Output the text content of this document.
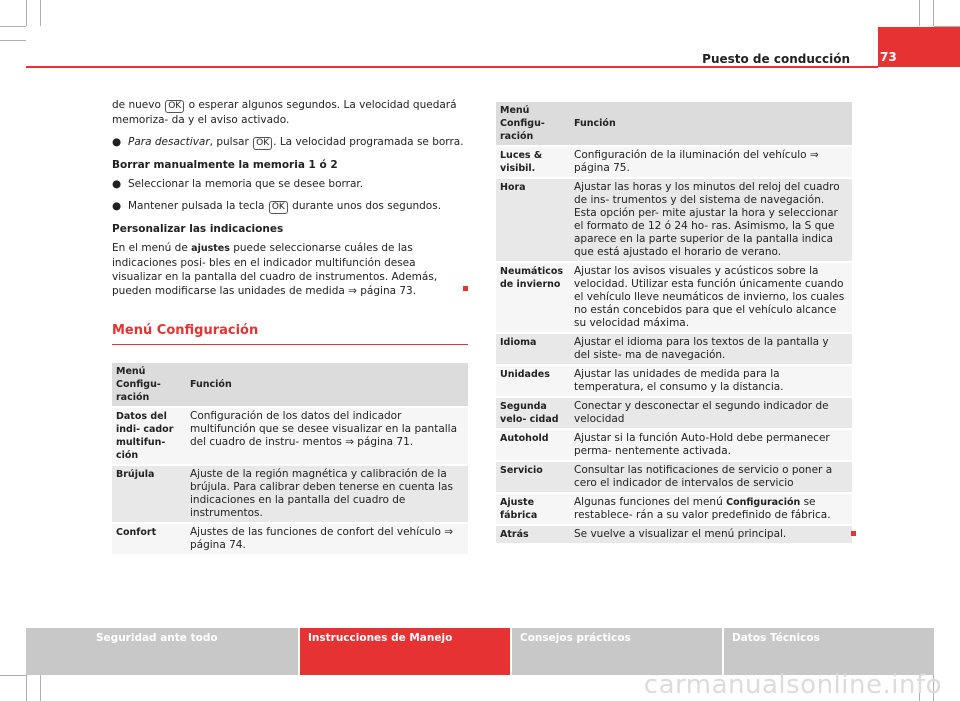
73
Puesto de conducción

de nuevo OK o esperar algunos segundos. La velocidad quedará memoriza- da y el aviso activado.

● Para desactivar, pulsar OK . La velocidad programada se borra.
Borrar manualmente la memoria 1 ó 2
● Seleccionar la memoria que se desee borrar.
● Mantener pulsada la tecla OK durante unos dos segundos.
Personalizar las indicaciones

En el menú de ajustes puede seleccionarse cuáles de las indicaciones posi- bles en el indicador multifunción desea visualizar en la pantalla del cuadro de instrumentos. Además, pueden modificarse las unidades de medida ⇒ página 73.

Menú Configuración
Menú Configu- ración	Función
Datos del indi- cador multifun- ción	Configuración de los datos del indicador multifunción que se desee visualizar en la pantalla del cuadro de instru- mentos ⇒ página 71.
Brújula	Ajuste de la región magnética y calibración de la brújula. Para calibrar deben tenerse en cuenta las indicaciones en la pantalla del cuadro de instrumentos.
Confort	Ajustes de las funciones de confort del vehículo ⇒ página 74.
Menú Configu- ración	Función
Luces & visibil.	Configuración de la iluminación del vehículo ⇒ página 75.
Hora	Ajustar las horas y los minutos del reloj del cuadro de ins- trumentos y del sistema de navegación. Esta opción per- mite ajustar la hora y seleccionar el formato de 12 ó 24 ho- ras. Asimismo, la S que aparece en la parte superior de la pantalla indica que está ajustado el horario de verano.
Neumáticos de invierno	Ajustar los avisos visuales y acústicos sobre la velocidad. Utilizar esta función únicamente cuando el vehículo lleve neumáticos de invierno, los cuales no están concebidos para que el vehículo alcance su velocidad máxima.
Idioma	Ajustar el idioma para los textos de la pantalla y del siste- ma de navegación.
Unidades	Ajustar las unidades de medida para la temperatura, el consumo y la distancia.
Segunda velo- cidad	Conectar y desconectar el segundo indicador de velocidad
Autohold	Ajustar si la función Auto-Hold debe permanecer perma- nentemente activada.
Servicio	Consultar las notificaciones de servicio o poner a cero el indicador de intervalos de servicio
Ajuste fábrica	Algunas funciones del menú Configuración se restablece- rán a su valor predefinido de fábrica.
Atrás	Se vuelve a visualizar el menú principal.
Seguridad ante todo	Instrucciones de Manejo	Consejos prácticos	Datos Técnicos
carmanualsonline.info
